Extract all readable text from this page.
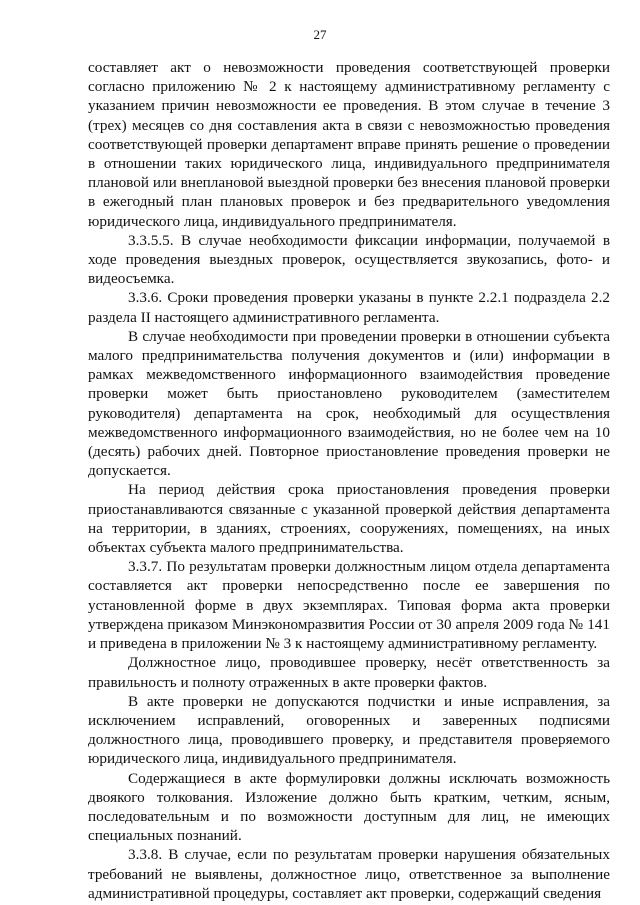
27

составляет акт о невозможности проведения соответствующей проверки согласно приложению № 2 к настоящему административному регламенту с указанием причин невозможности ее проведения. В этом случае в течение 3 (трех) месяцев со дня составления акта в связи с невозможностью проведения соответствующей проверки департамент вправе принять решение о проведении в отношении таких юридического лица, индивидуального предпринимателя плановой или внеплановой выездной проверки без внесения плановой проверки в ежегодный план плановых проверок и без предварительного уведомления юридического лица, индивидуального предпринимателя.

3.3.5.5. В случае необходимости фиксации информации, получаемой в ходе проведения выездных проверок, осуществляется звукозапись, фото- и видеосъемка.

3.3.6. Сроки проведения проверки указаны в пункте 2.2.1 подраздела 2.2 раздела II настоящего административного регламента.

В случае необходимости при проведении проверки в отношении субъекта малого предпринимательства получения документов и (или) информации в рамках межведомственного информационного взаимодействия проведение проверки может быть приостановлено руководителем (заместителем руководителя) департамента на срок, необходимый для осуществления межведомственного информационного взаимодействия, но не более чем на 10 (десять) рабочих дней. Повторное приостановление проведения проверки не допускается.

На период действия срока приостановления проведения проверки приостанавливаются связанные с указанной проверкой действия департамента на территории, в зданиях, строениях, сооружениях, помещениях, на иных объектах субъекта малого предпринимательства.

3.3.7. По результатам проверки должностным лицом отдела департамента составляется акт проверки непосредственно после ее завершения по установленной форме в двух экземплярах. Типовая форма акта проверки утверждена приказом Минэкономразвития России от 30 апреля 2009 года № 141 и приведена в приложении № 3 к настоящему административному регламенту.

Должностное лицо, проводившее проверку, несёт ответственность за правильность и полноту отраженных в акте проверки фактов.

В акте проверки не допускаются подчистки и иные исправления, за исключением исправлений, оговоренных и заверенных подписями должностного лица, проводившего проверку, и представителя проверяемого юридического лица, индивидуального предпринимателя.

Содержащиеся в акте формулировки должны исключать возможность двоякого толкования. Изложение должно быть кратким, четким, ясным, последовательным и по возможности доступным для лиц, не имеющих специальных познаний.

3.3.8. В случае, если по результатам проверки нарушения обязательных требований не выявлены, должностное лицо, ответственное за выполнение административной процедуры, составляет акт проверки, содержащий сведения
